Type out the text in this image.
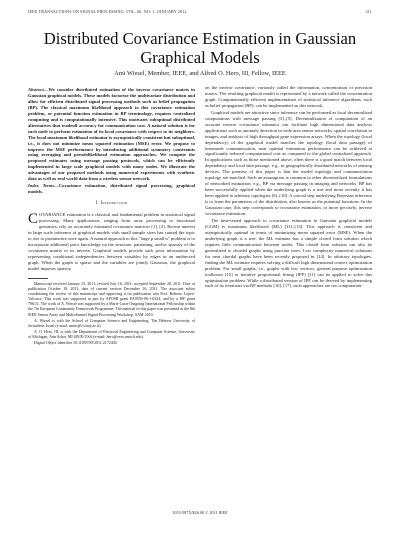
IEEE TRANSACTIONS ON SIGNAL PROCESSING, VOL. 60, NO. 1, JANUARY 2012	211
Distributed Covariance Estimation in Gaussian Graphical Models
Ami Wiesel, Member, IEEE, and Alfred O. Hero, III, Fellow, IEEE

Abstract—We consider distributed estimation of the inverse covariance matrix in Gaussian graphical models. These models factorize the multivariate distribution and allow for efficient distributed signal processing methods such as belief propagation (BP). The classical maximum likelihood approach to this covariance estimation problem, or potential function estimation in BP terminology, requires centralized computing and is computationally intensive. This motivates suboptimal distributed alternatives that tradeoff accuracy for communication cost. A natural solution is for each node to perform estimation of its local covariance with respect to its neighbors. The local maximum likelihood estimator is asymptotically consistent but suboptimal, i.e., it does not minimize mean squared estimation (MSE) error. We propose to improve the MSE performance by introducing additional symmetry constraints using averaging and pseudolikelihood estimation approaches. We compute the proposed estimates using message passing protocols, which can be efficiently implemented in large scale graphical models with many nodes. We illustrate the advantages of our proposed methods using numerical experiments with synthetic data as well as real world data from a wireless sensor network.

Index Terms—Covariance estimation, distributed signal processing, graphical models.

I. Introduction

COVARIANCE estimation is a classical and fundamental problem in statistical signal processing. Many applications, ranging from array processing to functional genomics, rely on accurately estimated covariance matrices [1], [2]. Recent interest in large scale inference of graphical models with small sample sizes has caused the topic to rise to prominence once again. A natural approach to this "large p small n" problem is to incorporate additional prior knowledge on the structure, patterning, and/or sparsity of the covariance matrix or its inverse. Graphical models provide such prior information by representing conditional independencies between variables by edges in an undirected graph. When the graph is sparse and the variables are jointly Gaussian, the graphical model imposes sparsity

Manuscript received January 23, 2011; revised July 16, 2011; accepted September 28, 2011. Date of publication October 18, 2011; date of current version December 16, 2011. The associate editor coordinating the review of this manuscript and approving it for publication was Prof. Roberto Lopez-Valcarce. This work was supported in part by AFOSR grant FA9550-06-1-0324, and by a ISF grant 786/11. The work of A. Wiesel was supported by a Marie Curie Outgoing International Fellowship within the 7th European Community Framework Programme. The material in this paper was presented at the 8th IEEE Sensor Array and Multichannel Signal Processing Workshop, SAM-2010.

A. Wiesel is with the School of Computer Science and Engineering, The Hebrew University of Jerusalem, Israel (e-mail: amiw@cs.huji.ac.il).

A. O. Hero, III, is with the Department of Electrical Engineering and Computer Science, University of Michigan, Ann Arbor, MI 48109 USA (e-mail: hero@eecs.umich.edu).

Digital Object Identifier 10.1109/TSP.2011.2172430

on the inverse covariance, variously called the information, concentration or precision matrix. The resulting graphical model is represented by a network called the concentration graph. Computationally efficient implementation of statistical inference algorithms, such as belief propagation (BP), can be implemented on this network.

Graphical models are attractive since inference can be performed as local decentralized computations with message passing [3]–[5]. Decentralization of computation of an accurate inverse covariance estimator can facilitate high dimensional data analysis applications such as anomaly detection in wide area sensor networks, spatial correlation in images, and analysis of high throughput gene expression arrays. When the topology (local dependency) of the graphical model matches the topology (local data passage) of intermode communication, near optimal estimation performance can be achieved at significantly reduced computational cost as compared to the global centralized approach. In applications such as those mentioned above, often there is a good match between local dependency and local data passage, e.g., in geographically distributed networks of sensing devices. The premise of this paper is that the model topology and communication topology are matched. Such an assumption is common in other decentralized formulations of networked estimation, e.g., BP via message passing in imaging and networks. BP has been successfully applied when the underlying graph is a tree and more recently it has been applied to arbitrary topologies [6]–[10]. A crucial step underlying Bayesian inference is to learn the parameters of the distribution, also known as the potential functions. In the Gaussian case, this step corresponds to covariance estimation, or more precisely, inverse covariance estimation.

The time-tested approach to covariance estimation in Gaussian graphical models (GGM) is maximum likelihood (ML) [11]–[13]. This approach is consistent and asymptotically optimal in terms of minimizing mean squared error (MSE). When the underlying graph is a tree, the ML estimate has a simple closed form solution which requires little communication between nodes. This closed form solution can also be generalized to chordal graphs using junction trees. Low complexity numerical solutions for near chordal graphs have been recently proposed in [14]. In arbitrary topologies, finding the ML estimate requires solving a difficult high dimensional convex optimization problem. For small graphs, i.e., graphs with few vertices, general purpose optimization toolboxes [15] or iterative proportional fitting (IPF) [11] can be applied to solve this optimization problem. While a distributed version of IPF can be derived by implementing each of its iterations via BP methods [16], [17], such approaches are too computation-

1053-587X/$26.00 © 2011 IEEE
